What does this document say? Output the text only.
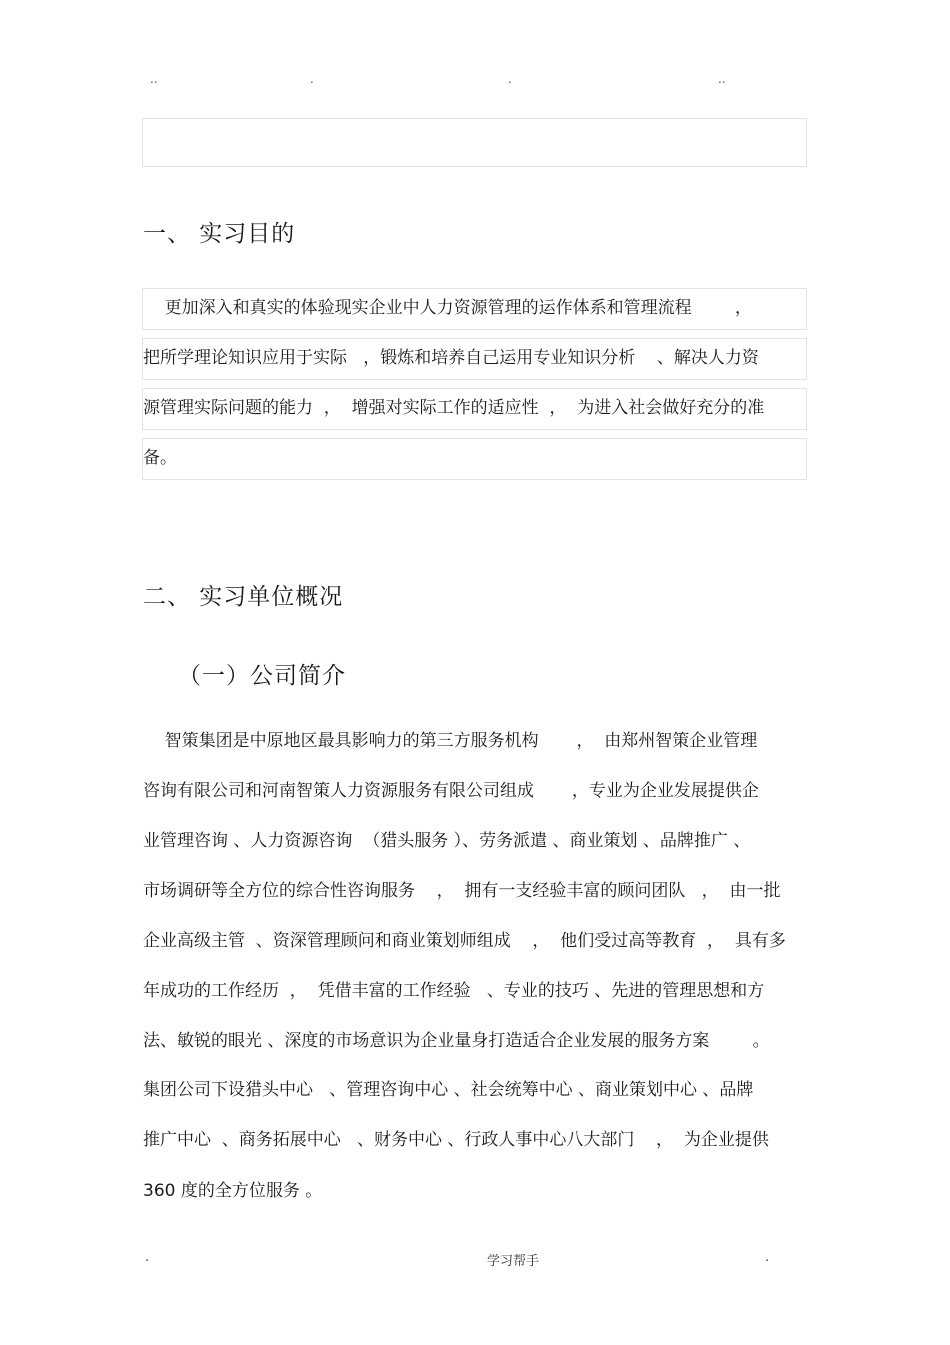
..	.	.	..
一、 实习目的
更加深入和真实的体验现实企业中人力资源管理的运作体系和管理流程        ，
把所学理论知识应用于实际   ，锻炼和培养自己运用专业知识分析    、解决人力资
源管理实际问题的能力  ，  增强对实际工作的适应性  ，  为进入社会做好充分的准
备。
二、 实习单位概况
（一）公司简介
智策集团是中原地区最具影响力的第三方服务机构       ，  由郑州智策企业管理
咨询有限公司和河南智策人力资源服务有限公司组成       ，专业为企业发展提供企
业管理咨询 、人力资源咨询  （猎头服务 ）、劳务派遣 、商业策划 、品牌推广 、
市场调研等全方位的综合性咨询服务    ，  拥有一支经验丰富的顾问团队   ，  由一批
企业高级主管  、资深管理顾问和商业策划师组成    ，  他们受过高等教育  ，  具有多
年成功的工作经历  ，  凭借丰富的工作经验   、专业的技巧 、先进的管理思想和方
法、敏锐的眼光 、深度的市场意识为企业量身打造适合企业发展的服务方案        。
集团公司下设猎头中心   、管理咨询中心 、社会统筹中心 、商业策划中心 、品牌
推广中心  、商务拓展中心   、财务中心 、行政人事中心八大部门    ，  为企业提供
360 度的全方位服务 。
.	学习帮手	.
